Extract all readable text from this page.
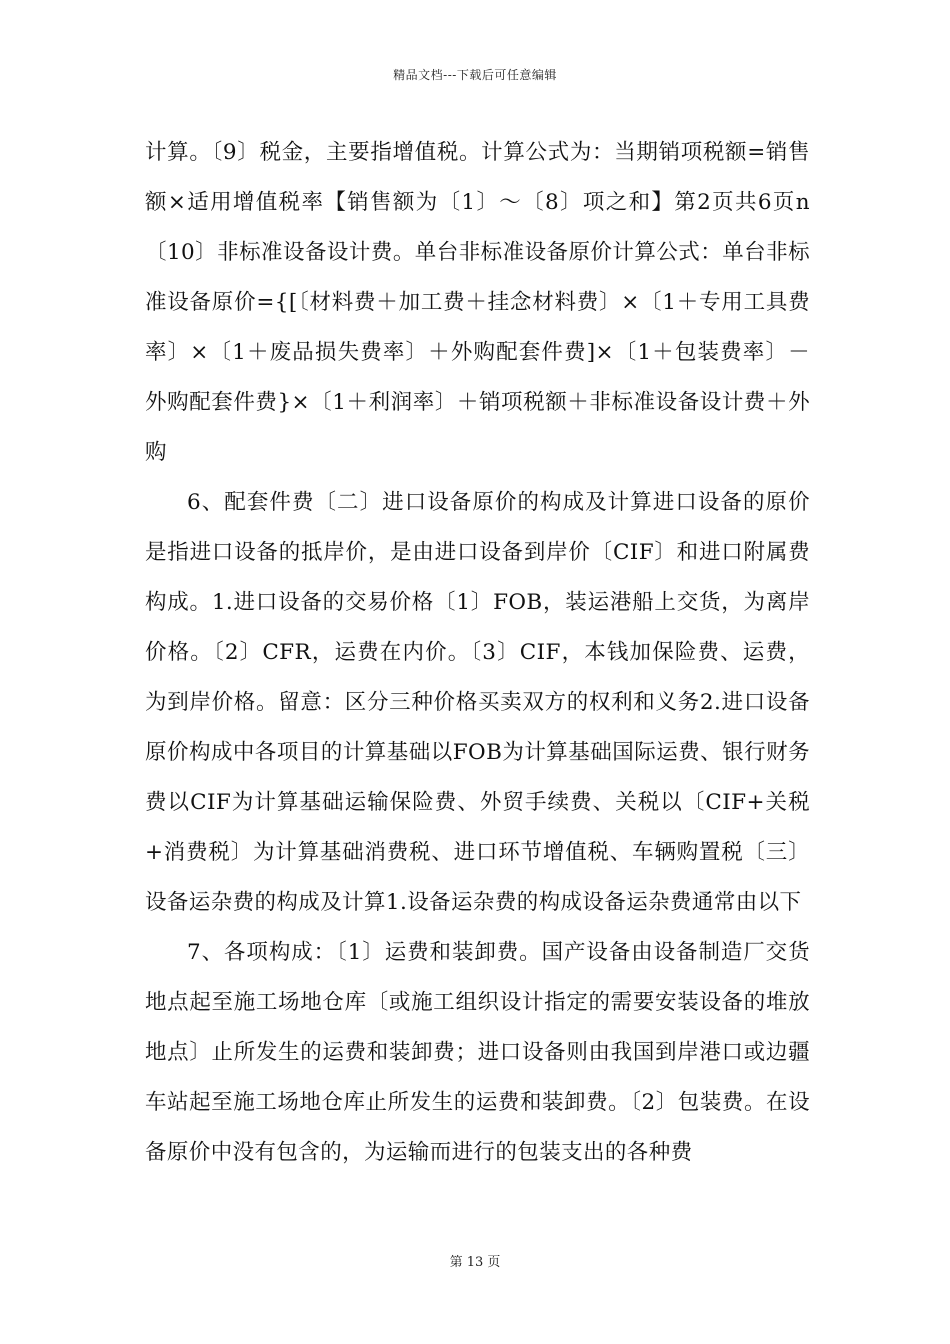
精品文档---下载后可任意编辑

计算。〔9〕税金，主要指增值税。计算公式为：当期销项税额=销售额×适用增值税率【销售额为〔1〕～〔8〕项之和】第2页共6页n〔10〕非标准设备设计费。单台非标准设备原价计算公式：单台非标准设备原价={[〔材料费＋加工费＋挂念材料费〕×〔1＋专用工具费率〕×〔1＋废品损失费率〕＋外购配套件费]×〔1＋包装费率〕－外购配套件费}×〔1＋利润率〕＋销项税额＋非标准设备设计费＋外购

6、配套件费〔二〕进口设备原价的构成及计算进口设备的原价是指进口设备的抵岸价，是由进口设备到岸价〔CIF〕和进口附属费构成。1.进口设备的交易价格〔1〕FOB，装运港船上交货，为离岸价格。〔2〕CFR，运费在内价。〔3〕CIF，本钱加保险费、运费，为到岸价格。留意：区分三种价格买卖双方的权利和义务2.进口设备原价构成中各项目的计算基础以FOB为计算基础国际运费、银行财务费以CIF为计算基础运输保险费、外贸手续费、关税以〔CIF+关税+消费税〕为计算基础消费税、进口环节增值税、车辆购置税〔三〕设备运杂费的构成及计算1.设备运杂费的构成设备运杂费通常由以下

7、各项构成：〔1〕运费和装卸费。国产设备由设备制造厂交货地点起至施工场地仓库〔或施工组织设计指定的需要安装设备的堆放地点〕止所发生的运费和装卸费；进口设备则由我国到岸港口或边疆车站起至施工场地仓库止所发生的运费和装卸费。〔2〕包装费。在设备原价中没有包含的，为运输而进行的包装支出的各种费

第 13 页
